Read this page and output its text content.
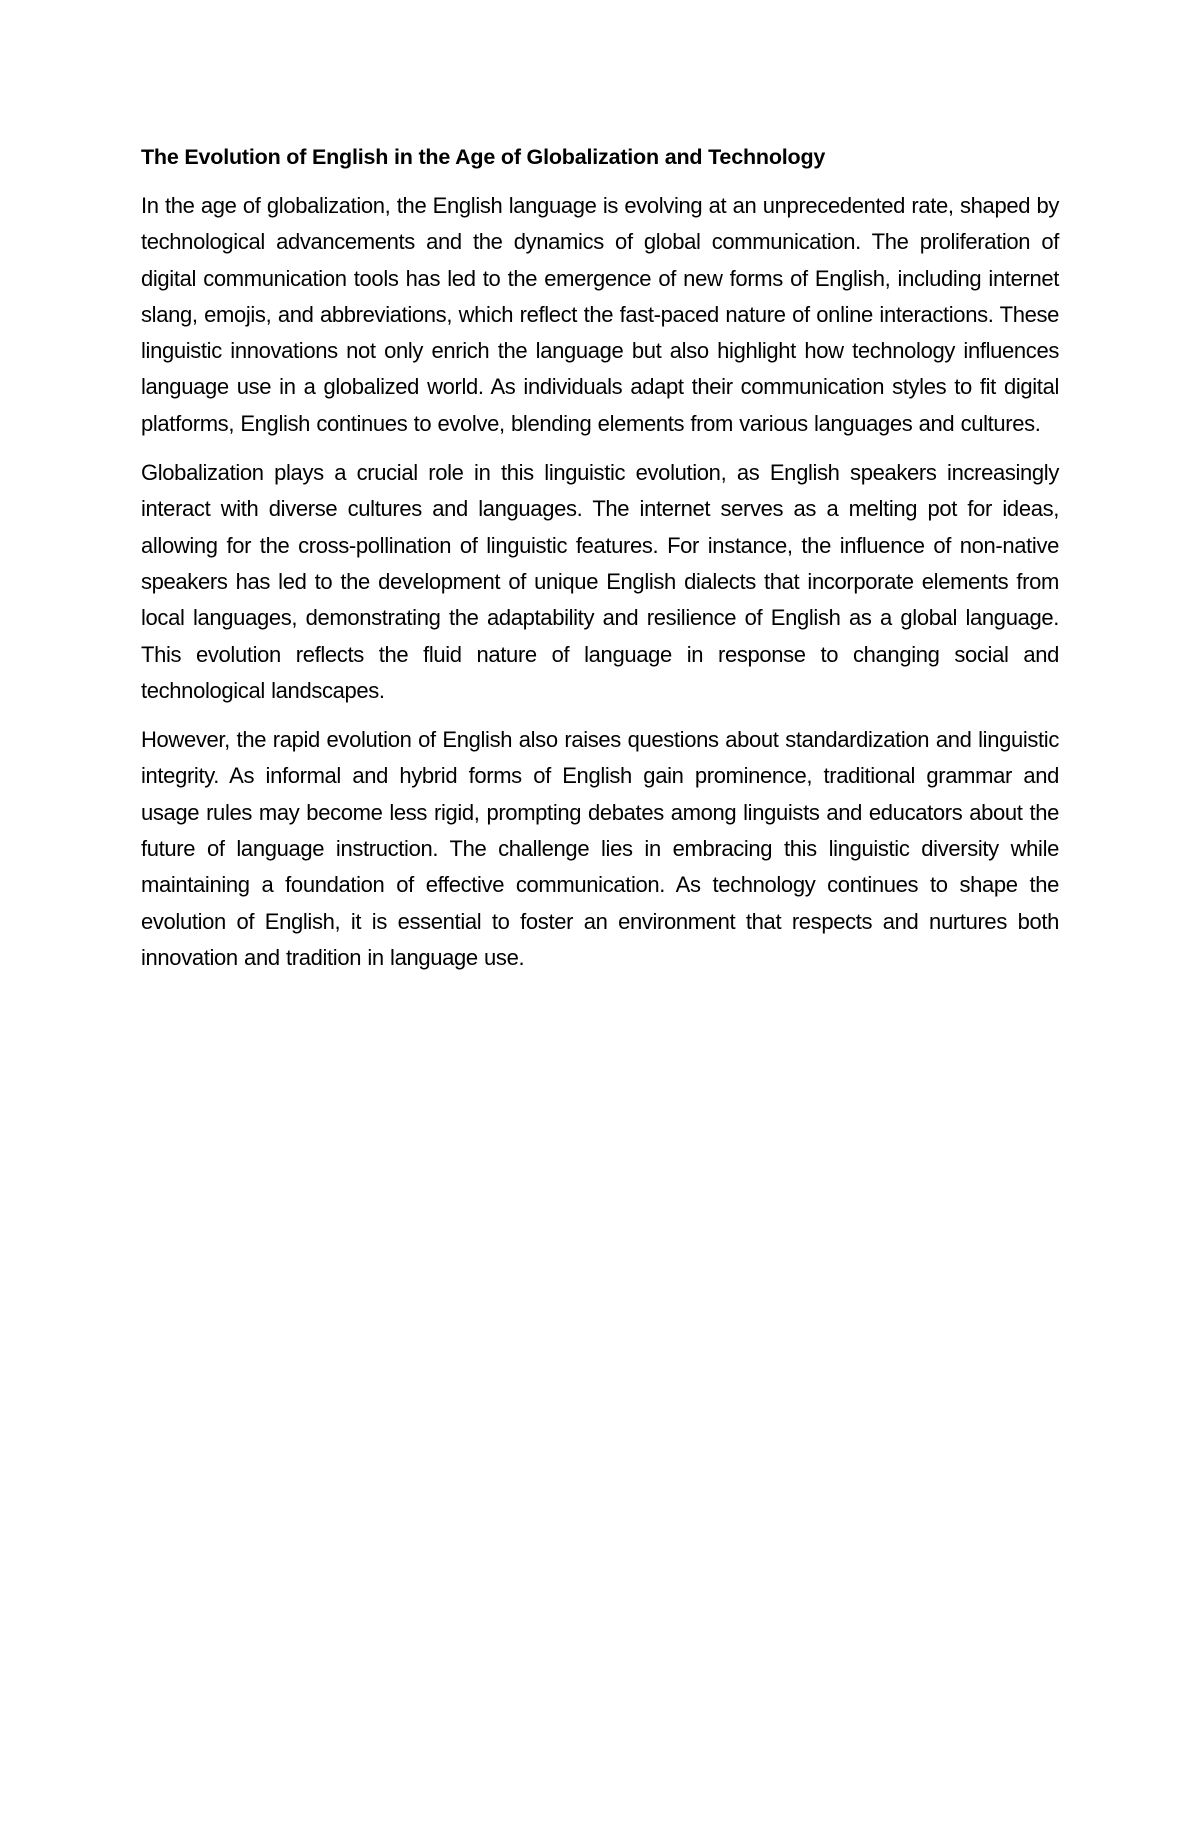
The Evolution of English in the Age of Globalization and Technology

In the age of globalization, the English language is evolving at an unprecedented rate, shaped by technological advancements and the dynamics of global communication. The proliferation of digital communication tools has led to the emergence of new forms of English, including internet slang, emojis, and abbreviations, which reflect the fast-paced nature of online interactions. These linguistic innovations not only enrich the language but also highlight how technology influences language use in a globalized world. As individuals adapt their communication styles to fit digital platforms, English continues to evolve, blending elements from various languages and cultures.

Globalization plays a crucial role in this linguistic evolution, as English speakers increasingly interact with diverse cultures and languages. The internet serves as a melting pot for ideas, allowing for the cross-pollination of linguistic features. For instance, the influence of non-native speakers has led to the development of unique English dialects that incorporate elements from local languages, demonstrating the adaptability and resilience of English as a global language. This evolution reflects the fluid nature of language in response to changing social and technological landscapes.

However, the rapid evolution of English also raises questions about standardization and linguistic integrity. As informal and hybrid forms of English gain prominence, traditional grammar and usage rules may become less rigid, prompting debates among linguists and educators about the future of language instruction. The challenge lies in embracing this linguistic diversity while maintaining a foundation of effective communication. As technology continues to shape the evolution of English, it is essential to foster an environment that respects and nurtures both innovation and tradition in language use.
